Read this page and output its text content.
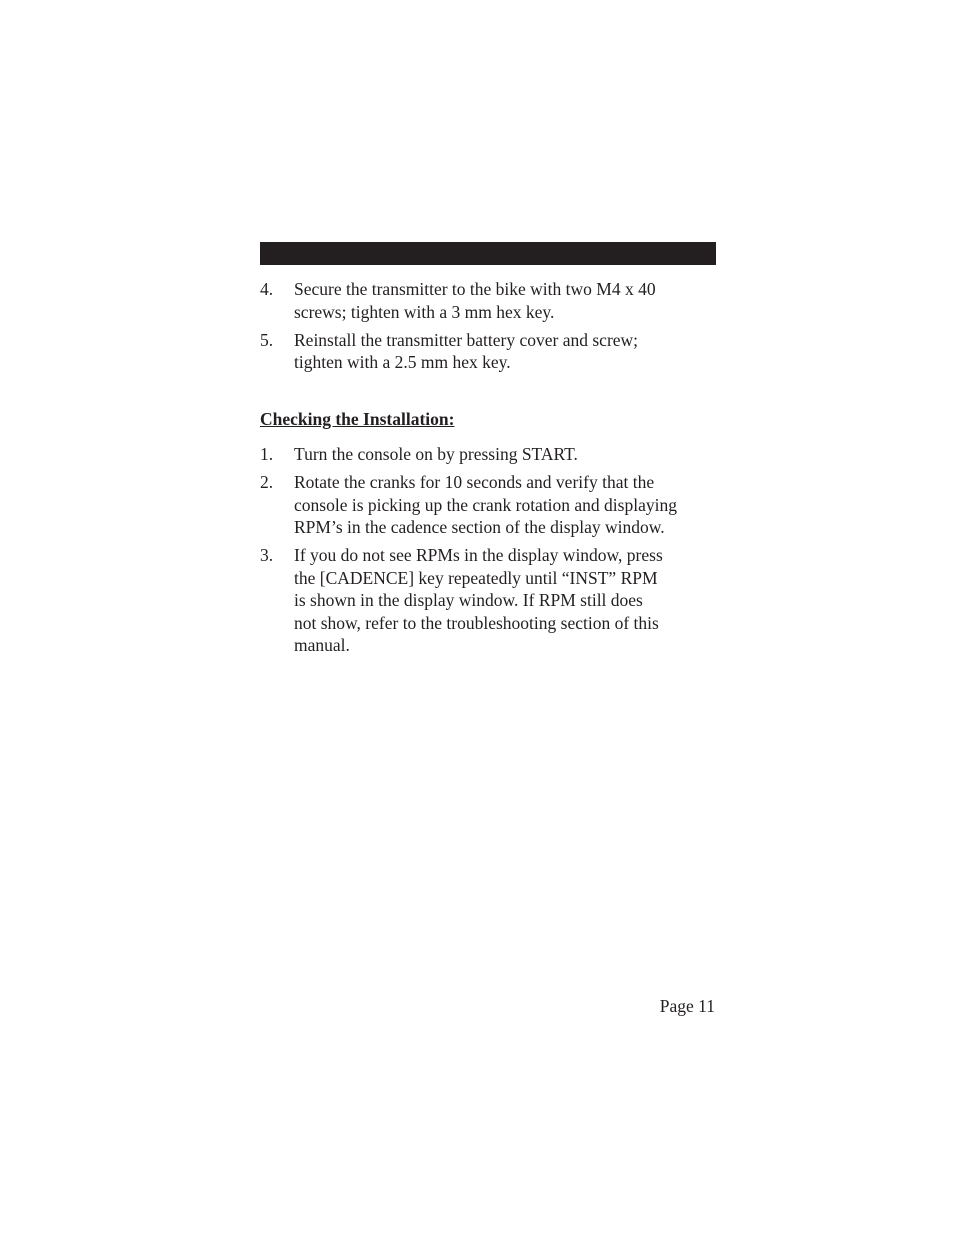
4.	Secure the transmitter to the bike with two M4 x 40
screws; tighten with a 3 mm hex key.
5.	Reinstall the transmitter battery cover and screw;
tighten with a 2.5 mm hex key.
Checking the Installation:
1.	Turn the console on by pressing START.
2.	Rotate the cranks for 10 seconds and verify that the
console is picking up the crank rotation and displaying
RPM’s in the cadence section of the display window.
3.	If you do not see RPMs in the display window, press
the [CADENCE] key repeatedly until “INST” RPM
is shown in the display window. If RPM still does
not show, refer to the troubleshooting section of this
manual.
Page 11
